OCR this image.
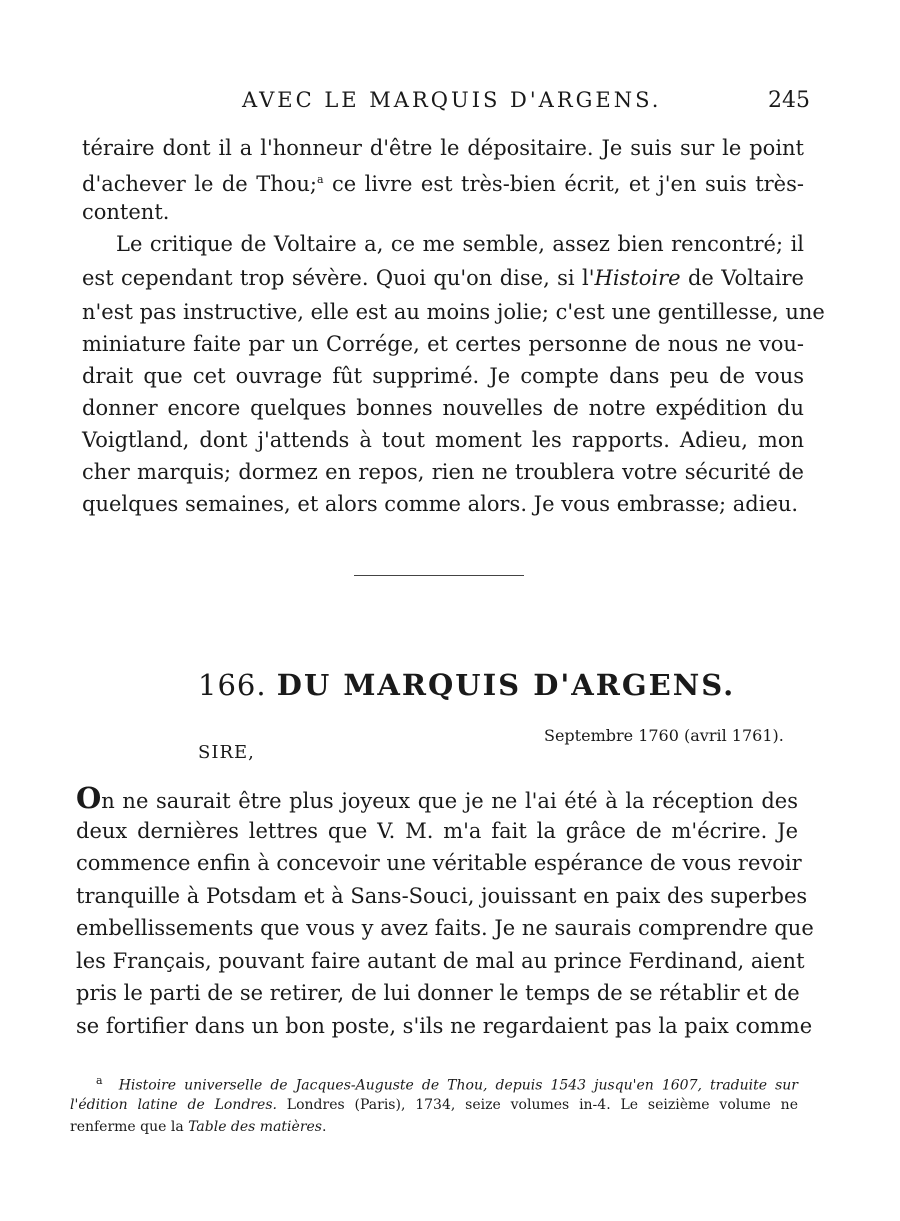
AVEC LE MARQUIS D'ARGENS.	245
téraire dont il a l'honneur d'être le dépositaire. Je suis sur le point
d'achever le de Thou;$^a$ ce livre est très-bien écrit, et j'en suis très-
content.
Le critique de Voltaire a, ce me semble, assez bien rencontré; il
est cependant trop sévère. Quoi qu'on dise, si l'Histoire de Voltaire
n'est pas instructive, elle est au moins jolie; c'est une gentillesse, une
miniature faite par un Corrége, et certes personne de nous ne vou-
drait que cet ouvrage fût supprimé. Je compte dans peu de vous
donner encore quelques bonnes nouvelles de notre expédition du
Voigtland, dont j'attends à tout moment les rapports. Adieu, mon
cher marquis; dormez en repos, rien ne troublera votre sécurité de
quelques semaines, et alors comme alors. Je vous embrasse; adieu.
166. DU MARQUIS D'ARGENS.
Septembre 1760 (avril 1761).
SIRE,
On ne saurait être plus joyeux que je ne l'ai été à la réception des
deux dernières lettres que V. M. m'a fait la grâce de m'écrire. Je
commence enfin à concevoir une véritable espérance de vous revoir
tranquille à Potsdam et à Sans-Souci, jouissant en paix des superbes
embellissements que vous y avez faits. Je ne saurais comprendre que
les Français, pouvant faire autant de mal au prince Ferdinand, aient
pris le parti de se retirer, de lui donner le temps de se rétablir et de
se fortifier dans un bon poste, s'ils ne regardaient pas la paix comme
$^a$ Histoire universelle de Jacques-Auguste de Thou, depuis 1543 jusqu'en 1607, traduite sur
l'édition latine de Londres. Londres (Paris), 1734, seize volumes in-4. Le seizième volume ne
renferme que la Table des matières.
